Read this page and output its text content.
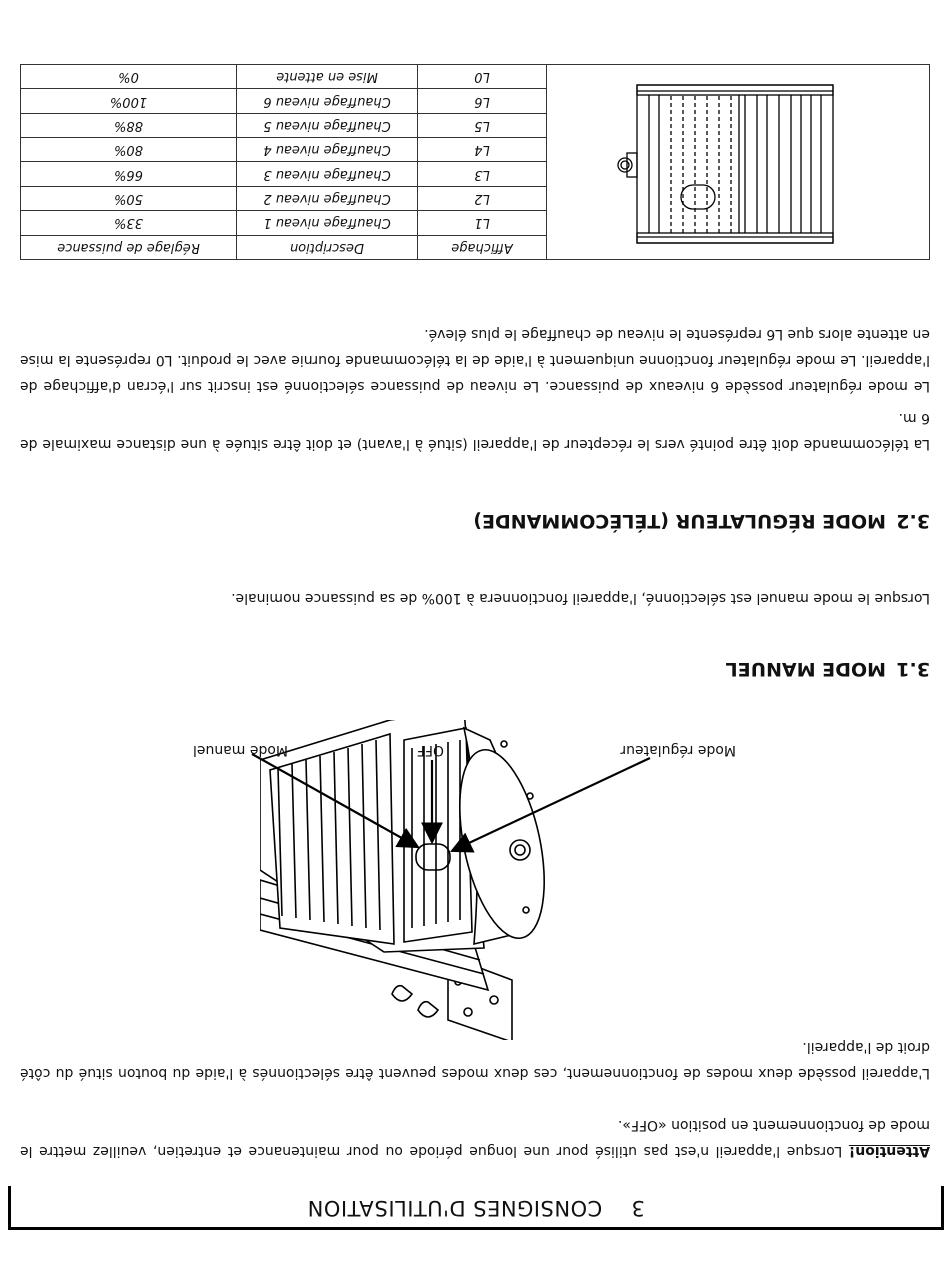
3    CONSIGNES D'UTILISATION

Attention! Lorsque l'appareil n'est pas utilisé pour une longue période ou pour maintenance et entretien, veuillez mettre le mode de fonctionnement en position «OFF».

L'appareil possède deux modes de fonctionnement, ces deux modes peuvent être sélectionnés à l'aide du bouton situé du côté droit de l'appareil.

Mode régulateur
OFF
Mode manuel
3.1MODE MANUEL

Lorsque le mode manuel est sélectionné, l'appareil fonctionnera à 100% de sa puissance nominale.

3.2MODE RÉGULATEUR (TÉLÉCOMMANDE)

La télécommande doit être pointé vers le récepteur de l'appareil (situé à l'avant) et doit être située à une distance maximale de 6 m.

Le mode régulateur possède 6 niveaux de puissance. Le niveau de puissance sélectionné est inscrit sur l'écran d'affichage de l'appareil. Le mode régulateur fonctionne uniquement à l'aide de la télécommande fournie avec le produit. L0 représente la mise en attente alors que L6 représente le niveau de chauffage le plus élevé.

	Affichage	Description	Réglage de puissance
	L1	Chauffage niveau 1	33%
	L2	Chauffage niveau 2	50%
	L3	Chauffage niveau 3	66%
	L4	Chauffage niveau 4	80%
	L5	Chauffage niveau 5	88%
	L6	Chauffage niveau 6	100%
	L0	Mise en attente	0%
